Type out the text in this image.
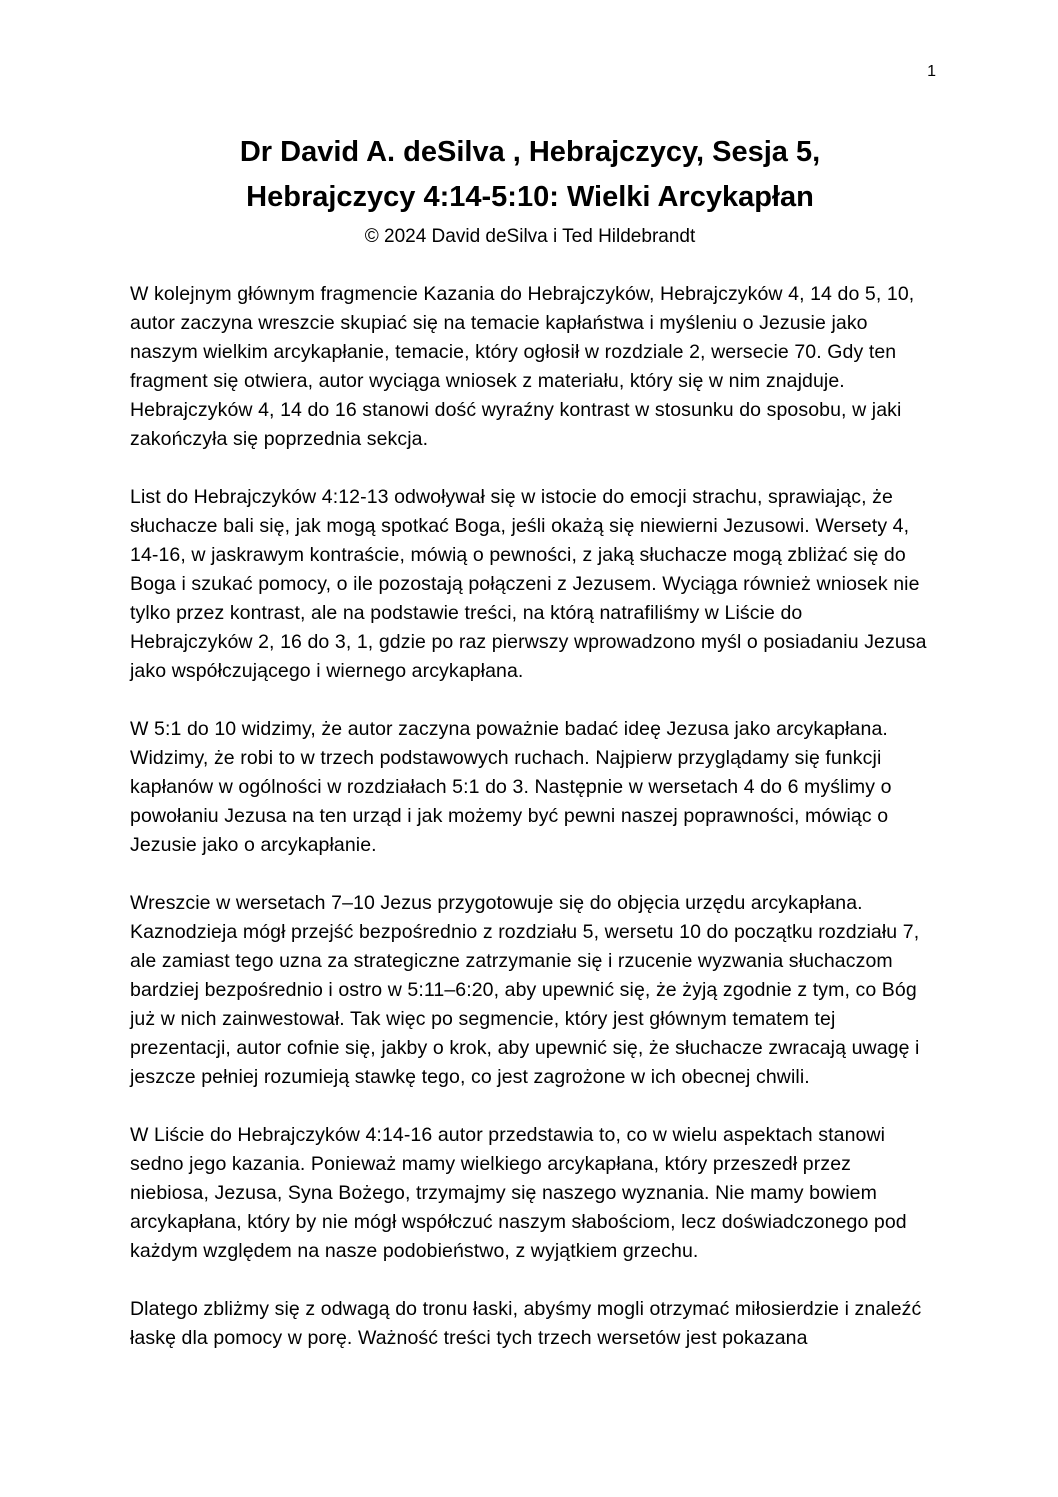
1
Dr David A. deSilva , Hebrajczycy, Sesja 5,
Hebrajczycy 4:14-5:10: Wielki Arcykapłan
© 2024 David deSilva i Ted Hildebrandt

W kolejnym głównym fragmencie Kazania do Hebrajczyków, Hebrajczyków 4, 14 do 5, 10, autor zaczyna wreszcie skupiać się na temacie kapłaństwa i myśleniu o Jezusie jako naszym wielkim arcykapłanie, temacie, który ogłosił w rozdziale 2, wersecie 70. Gdy ten fragment się otwiera, autor wyciąga wniosek z materiału, który się w nim znajduje. Hebrajczyków 4, 14 do 16 stanowi dość wyraźny kontrast w stosunku do sposobu, w jaki zakończyła się poprzednia sekcja.

List do Hebrajczyków 4:12-13 odwoływał się w istocie do emocji strachu, sprawiając, że słuchacze bali się, jak mogą spotkać Boga, jeśli okażą się niewierni Jezusowi. Wersety 4, 14-16, w jaskrawym kontraście, mówią o pewności, z jaką słuchacze mogą zbliżać się do Boga i szukać pomocy, o ile pozostają połączeni z Jezusem. Wyciąga również wniosek nie tylko przez kontrast, ale na podstawie treści, na którą natrafiliśmy w Liście do Hebrajczyków 2, 16 do 3, 1, gdzie po raz pierwszy wprowadzono myśl o posiadaniu Jezusa jako współczującego i wiernego arcykapłana.

W 5:1 do 10 widzimy, że autor zaczyna poważnie badać ideę Jezusa jako arcykapłana. Widzimy, że robi to w trzech podstawowych ruchach. Najpierw przyglądamy się funkcji kapłanów w ogólności w rozdziałach 5:1 do 3. Następnie w wersetach 4 do 6 myślimy o powołaniu Jezusa na ten urząd i jak możemy być pewni naszej poprawności, mówiąc o Jezusie jako o arcykapłanie.

Wreszcie w wersetach 7–10 Jezus przygotowuje się do objęcia urzędu arcykapłana. Kaznodzieja mógł przejść bezpośrednio z rozdziału 5, wersetu 10 do początku rozdziału 7, ale zamiast tego uzna za strategiczne zatrzymanie się i rzucenie wyzwania słuchaczom bardziej bezpośrednio i ostro w 5:11–6:20, aby upewnić się, że żyją zgodnie z tym, co Bóg już w nich zainwestował. Tak więc po segmencie, który jest głównym tematem tej prezentacji, autor cofnie się, jakby o krok, aby upewnić się, że słuchacze zwracają uwagę i jeszcze pełniej rozumieją stawkę tego, co jest zagrożone w ich obecnej chwili.

W Liście do Hebrajczyków 4:14-16 autor przedstawia to, co w wielu aspektach stanowi sedno jego kazania. Ponieważ mamy wielkiego arcykapłana, który przeszedł przez niebiosa, Jezusa, Syna Bożego, trzymajmy się naszego wyznania. Nie mamy bowiem arcykapłana, który by nie mógł współczuć naszym słabościom, lecz doświadczonego pod każdym względem na nasze podobieństwo, z wyjątkiem grzechu.

Dlatego zbliżmy się z odwagą do tronu łaski, abyśmy mogli otrzymać miłosierdzie i znaleźć łaskę dla pomocy w porę. Ważność treści tych trzech wersetów jest pokazana
